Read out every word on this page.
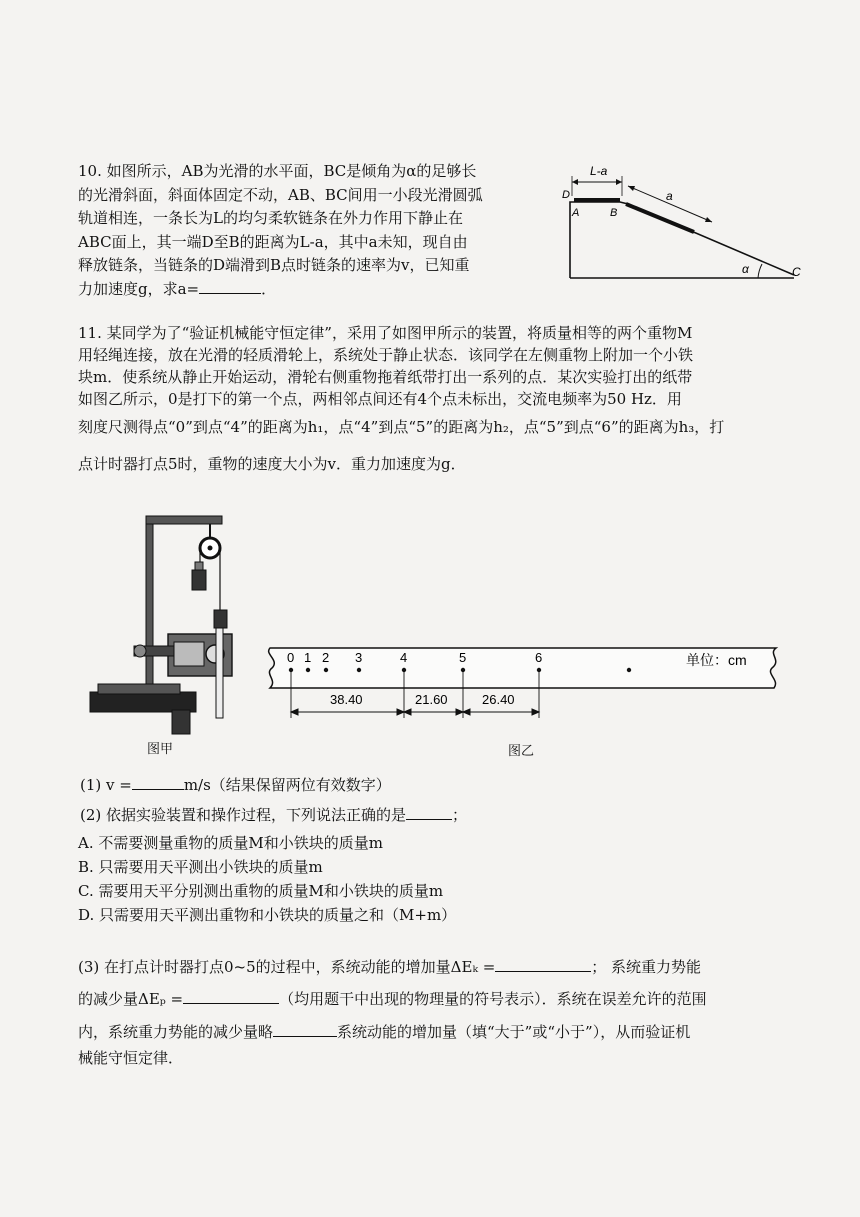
10. 如图所示，AB为光滑的水平面，BC是倾角为α的足够长
的光滑斜面，斜面体固定不动，AB、BC间用一小段光滑圆弧
轨道相连，一条长为L的均匀柔软链条在外力作用下静止在
ABC面上，其一端D至B的距离为L-a，其中a未知，现自由
释放链条，当链条的D端滑到B点时链条的速率为v，已知重
力加速度g，求a=	．
L-a
a
D
A	B
C
α
11. 某同学为了“验证机械能守恒定律”，采用了如图甲所示的装置，将质量相等的两个重物M
用轻绳连接，放在光滑的轻质滑轮上，系统处于静止状态．该同学在左侧重物上附加一个小铁
块m．使系统从静止开始运动，滑轮右侧重物拖着纸带打出一系列的点．某次实验打出的纸带
如图乙所示，0是打下的第一个点，两相邻点间还有4个点未标出，交流电频率为50 Hz．用
刻度尺测得点“0”到点“4”的距离为h₁，点“4”到点“5”的距离为h₂，点“5”到点“6”的距离为h₃，打
点计时器打点5时，重物的速度大小为v．重力加速度为g．
0 1 2 3	4	5	6	单位：cm
38.40	21.60	26.40
图甲	图乙
(1) v =	m/s（结果保留两位有效数字）
(2) 依据实验装置和操作过程，下列说法正确的是	；
A. 不需要测量重物的质量M和小铁块的质量m
B. 只需要用天平测出小铁块的质量m
C. 需要用天平分别测出重物的质量M和小铁块的质量m
D. 只需要用天平测出重物和小铁块的质量之和（M+m）
(3) 在打点计时器打点0~5的过程中，系统动能的增加量ΔEₖ =	； 系统重力势能
的减少量ΔEₚ =	（均用题干中出现的物理量的符号表示）．系统在误差允许的范围
内，系统重力势能的减少量略	系统动能的增加量（填“大于”或“小于”），从而验证机
械能守恒定律．
